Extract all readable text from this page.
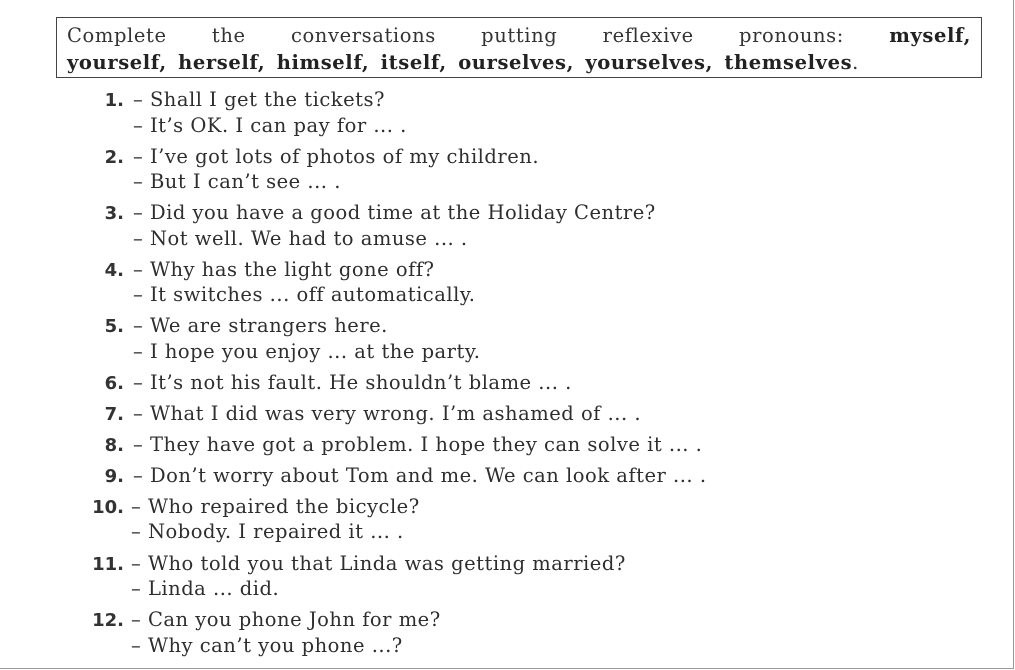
Complete the conversations putting reflexive pronouns: myself,
yourself, herself, himself, itself, ourselves, yourselves, themselves.
1. – Shall I get the tickets?
– It’s OK. I can pay for ... .
2. – I’ve got lots of photos of my children.
– But I can’t see ... .
3. – Did you have a good time at the Holiday Centre?
– Not well. We had to amuse ... .
4. – Why has the light gone off?
– It switches ... off automatically.
5. – We are strangers here.
– I hope you enjoy ... at the party.
6. – It’s not his fault. He shouldn’t blame ... .
7. – What I did was very wrong. I’m ashamed of ... .
8. – They have got a problem. I hope they can solve it ... .
9. – Don’t worry about Tom and me. We can look after ... .
10. – Who repaired the bicycle?
– Nobody. I repaired it ... .
11. – Who told you that Linda was getting married?
– Linda ... did.
12. – Can you phone John for me?
– Why can’t you phone ...?
